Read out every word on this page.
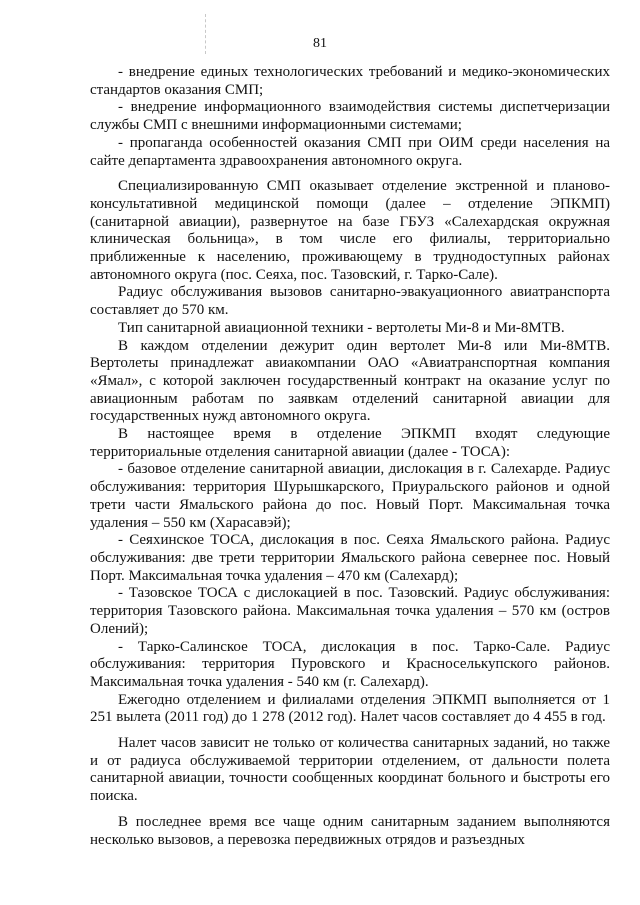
81

- внедрение единых технологических требований и медико-экономических стандартов оказания СМП;

- внедрение информационного взаимодействия системы диспетчеризации службы СМП с внешними информационными системами;

- пропаганда особенностей оказания СМП при ОИМ среди населения на сайте департамента здравоохранения автономного округа.

Специализированную СМП оказывает отделение экстренной и планово-консультативной медицинской помощи (далее – отделение ЭПКМП) (санитарной авиации), развернутое на базе ГБУЗ «Салехардская окружная клиническая больница», в том числе его филиалы, территориально приближенные к населению, проживающему в труднодоступных районах автономного округа (пос. Сеяха, пос. Тазовский, г. Тарко-Сале).

Радиус обслуживания вызовов санитарно-эвакуационного авиатранспорта составляет до 570 км.

Тип санитарной авиационной техники - вертолеты Ми-8 и Ми-8МТВ.

В каждом отделении дежурит один вертолет Ми-8 или Ми-8МТВ. Вертолеты принадлежат авиакомпании ОАО «Авиатранспортная компания «Ямал», с которой заключен государственный контракт на оказание услуг по авиационным работам по заявкам отделений санитарной авиации для государственных нужд автономного округа.

В настоящее время в отделение ЭПКМП входят следующие территориальные отделения санитарной авиации (далее - ТОСА):

- базовое отделение санитарной авиации, дислокация в г. Салехарде. Радиус обслуживания: территория Шурышкарского, Приуральского районов и одной трети части Ямальского района до пос. Новый Порт. Максимальная точка удаления – 550 км (Харасавэй);

- Сеяхинское ТОСА, дислокация в пос. Сеяха Ямальского района. Радиус обслуживания: две трети территории Ямальского района севернее пос. Новый Порт. Максимальная точка удаления – 470 км (Салехард);

- Тазовское ТОСА с дислокацией в пос. Тазовский. Радиус обслуживания: территория Тазовского района. Максимальная точка удаления – 570 км (остров Олений);

- Тарко-Салинское ТОСА, дислокация в пос. Тарко-Сале. Радиус обслуживания: территория Пуровского и Красноселькупского районов. Максимальная точка удаления - 540 км (г. Салехард).

Ежегодно отделением и филиалами отделения ЭПКМП выполняется от 1 251 вылета (2011 год) до 1 278 (2012 год). Налет часов составляет до 4 455 в год.

Налет часов зависит не только от количества санитарных заданий, но также и от радиуса обслуживаемой территории отделением, от дальности полета санитарной авиации, точности сообщенных координат больного и быстроты его поиска.

В последнее время все чаще одним санитарным заданием выполняются несколько вызовов, а перевозка передвижных отрядов и разъездных
